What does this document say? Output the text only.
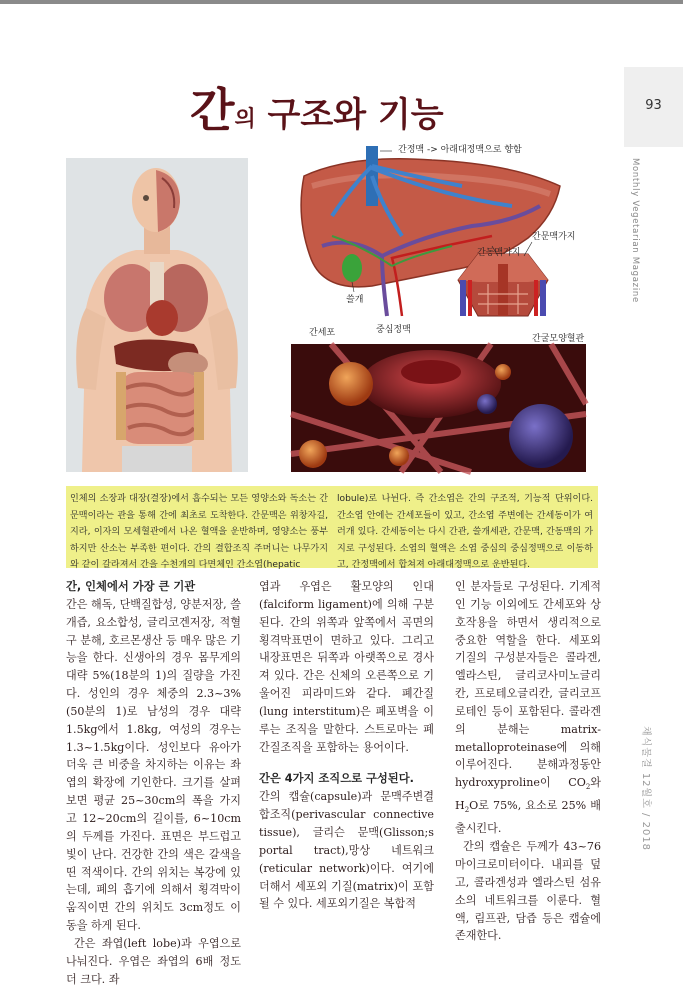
93
Monthly Vegetarian Magazine
채식물결 12월호 / 2018
간의 구조와 기능
간정맥 -> 아래대정맥으로 향함
간문맥가지
간동맥가지
쓸개
간세포	중심정맥
간굴모양혈관
인체의 소장과 대장(결장)에서 흡수되는 모든 영양소와 독소는 간문맥이라는 관을 통해 간에 최초로 도착한다. 간문맥은 위창자길, 지라, 이자의 모세혈관에서 나온 혈액을 운반하며, 영양소는 풍부하지만 산소는 부족한 편이다. 간의 결합조직 주머니는 나무가지와 같이 갈라져서 간을 수천개의 다면체인 간소엽(hepatic
lobule)로 나뉜다. 즉 간소엽은 간의 구조적, 기능적 단위이다. 간소엽 안에는 간세포들이 있고, 간소엽 주변에는 간세동이가 여러개 있다. 간세동이는 다시 간관, 쓸개세관, 간문맥, 간동맥의 가지로 구성된다. 소엽의 혈액은 소엽 중심의 중심정맥으로 이동하고, 간정맥에서 합쳐져 아래대정맥으로 운반된다.
간, 인체에서 가장 큰 기관

간은 해독, 단백질합성, 양분저장, 쓸개즙, 요소합성, 글리코겐저장, 적혈구 분해, 호르몬생산 등 매우 많은 기능을 한다. 신생아의 경우 몸무게의 대략 5%(18분의 1)의 질량을 가진다. 성인의 경우 체중의 2.3~3% (50분의 1)로 남성의 경우 대략 1.5kg에서 1.8kg, 여성의 경우는 1.3~1.5kg이다. 성인보다 유아가 더욱 큰 비중을 차지하는 이유는 좌엽의 확장에 기인한다. 크기를 살펴보면 평균 25~30cm의 폭을 가지고 12~20cm의 길이를, 6~10cm의 두께를 가진다. 표면은 부드럽고 빛이 난다. 건강한 간의 색은 갈색을 띤 적색이다. 간의 위치는 복강에 있는데, 폐의 흡기에 의해서 횡격막이 움직이면 간의 위치도 3cm정도 이동을 하게 된다.

간은 좌엽(left lobe)과 우엽으로 나눠진다. 우엽은 좌엽의 6배 정도 더 크다. 좌

엽과 우엽은 활모양의 인대(falciform ligament)에 의해 구분된다. 간의 위쪽과 앞쪽에서 곡면의 횡격막표면이 면하고 있다. 그리고 내장표면은 뒤쪽과 아랫쪽으로 경사져 있다. 간은 신체의 오른쪽으로 기울어진 피라미드와 같다. 폐간질(lung interstitum)은 폐포벽을 이루는 조직을 말한다. 스트로마는 폐간질조직을 포함하는 용어이다.

간은 4가지 조직으로 구성된다.

간의 캡슐(capsule)과 문맥주변결합조직(perivascular connective tissue), 글리슨 문맥(Glisson;s portal tract),망상 네트워크(reticular network)이다. 여기에 더해서 세포외 기질(matrix)이 포함될 수 있다. 세포외기질은 복합적

인 분자들로 구성된다. 기계적인 기능 이외에도 간세포와 상호작용을 하면서 생리적으로 중요한 역할을 한다. 세포외 기질의 구성분자들은 콜라겐, 엘라스틴, 글리코사미노글리칸, 프로테오글리칸, 글리코프로테인 등이 포함된다. 콜라겐의 분해는 matrix-metalloproteinase에 의해 이루어진다. 분해과정동안 hydroxyproline이 $CO_2$와 $H_2O$로 75%, 요소로 25% 배출시킨다.

간의 캡슐은 두께가 43~76마이크로미터이다. 내피를 덮고, 콜라겐성과 엘라스틴 섬유소의 네트워크를 이룬다. 혈액, 림프관, 담즙 등은 캡슐에 존재한다.
